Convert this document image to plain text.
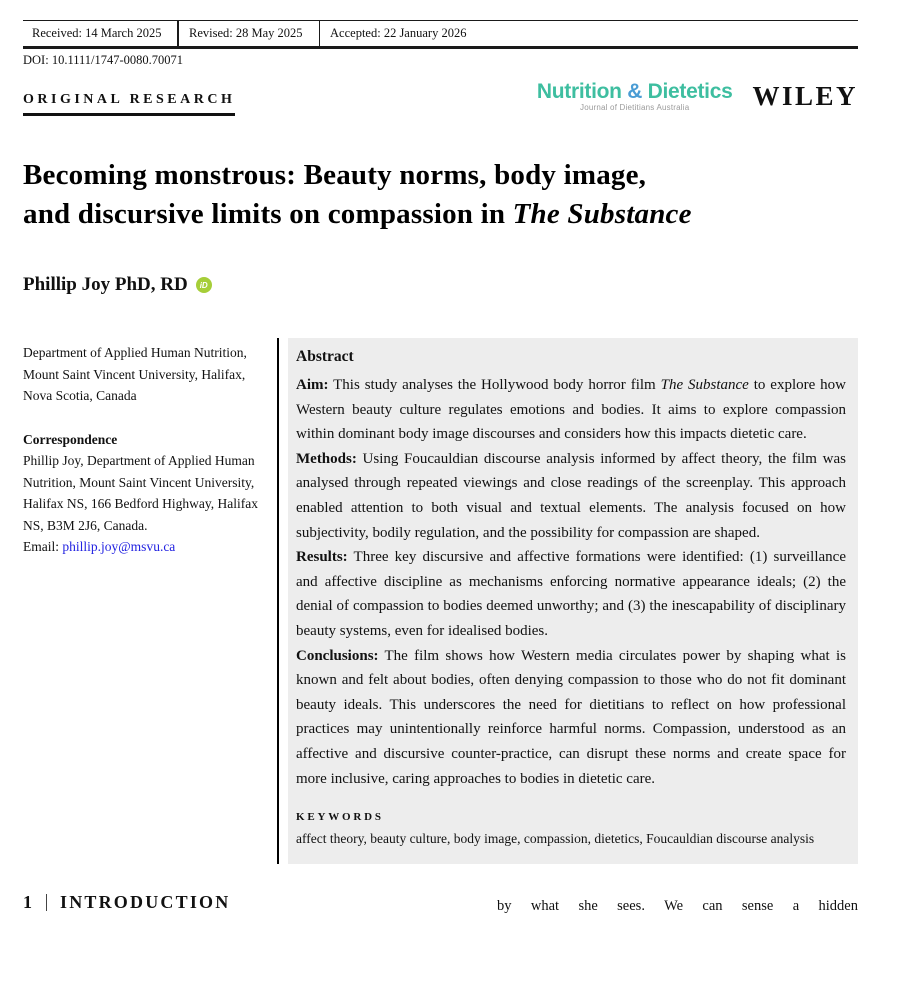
Received: 14 March 2025	Revised: 28 May 2025	Accepted: 22 January 2026
DOI: 10.1111/1747-0080.70071
ORIGINAL RESEARCH	Nutrition & Dietetics
Journal of Dietitians Australia	WILEY
Becoming monstrous: Beauty norms, body image,
and discursive limits on compassion in The Substance
Phillip Joy PhD, RD	iD

Department of Applied Human Nutrition, Mount Saint Vincent University, Halifax, Nova Scotia, Canada

Correspondence

Phillip Joy, Department of Applied Human Nutrition, Mount Saint Vincent University, Halifax NS, 166 Bedford Highway, Halifax NS, B3M 2J6, Canada.
Email: phillip.joy@msvu.ca

Abstract

Aim: This study analyses the Hollywood body horror film The Substance to explore how Western beauty culture regulates emotions and bodies. It aims to explore compassion within dominant body image discourses and considers how this impacts dietetic care.

Methods: Using Foucauldian discourse analysis informed by affect theory, the film was analysed through repeated viewings and close readings of the screenplay. This approach enabled attention to both visual and textual elements. The analysis focused on how subjectivity, bodily regulation, and the possibility for compassion are shaped.

Results: Three key discursive and affective formations were identified: (1) surveillance and affective discipline as mechanisms enforcing normative appearance ideals; (2) the denial of compassion to bodies deemed unworthy; and (3) the inescapability of disciplinary beauty systems, even for idealised bodies.

Conclusions: The film shows how Western media circulates power by shaping what is known and felt about bodies, often denying compassion to those who do not fit dominant beauty ideals. This underscores the need for dietitians to reflect on how professional practices may unintentionally reinforce harmful norms. Compassion, understood as an affective and discursive counter-practice, can disrupt these norms and create space for more inclusive, caring approaches to bodies in dietetic care.

KEYWORDS
affect theory, beauty culture, body image, compassion, dietetics, Foucauldian discourse analysis
1 INTRODUCTION	by what she sees. We can sense a hidden
